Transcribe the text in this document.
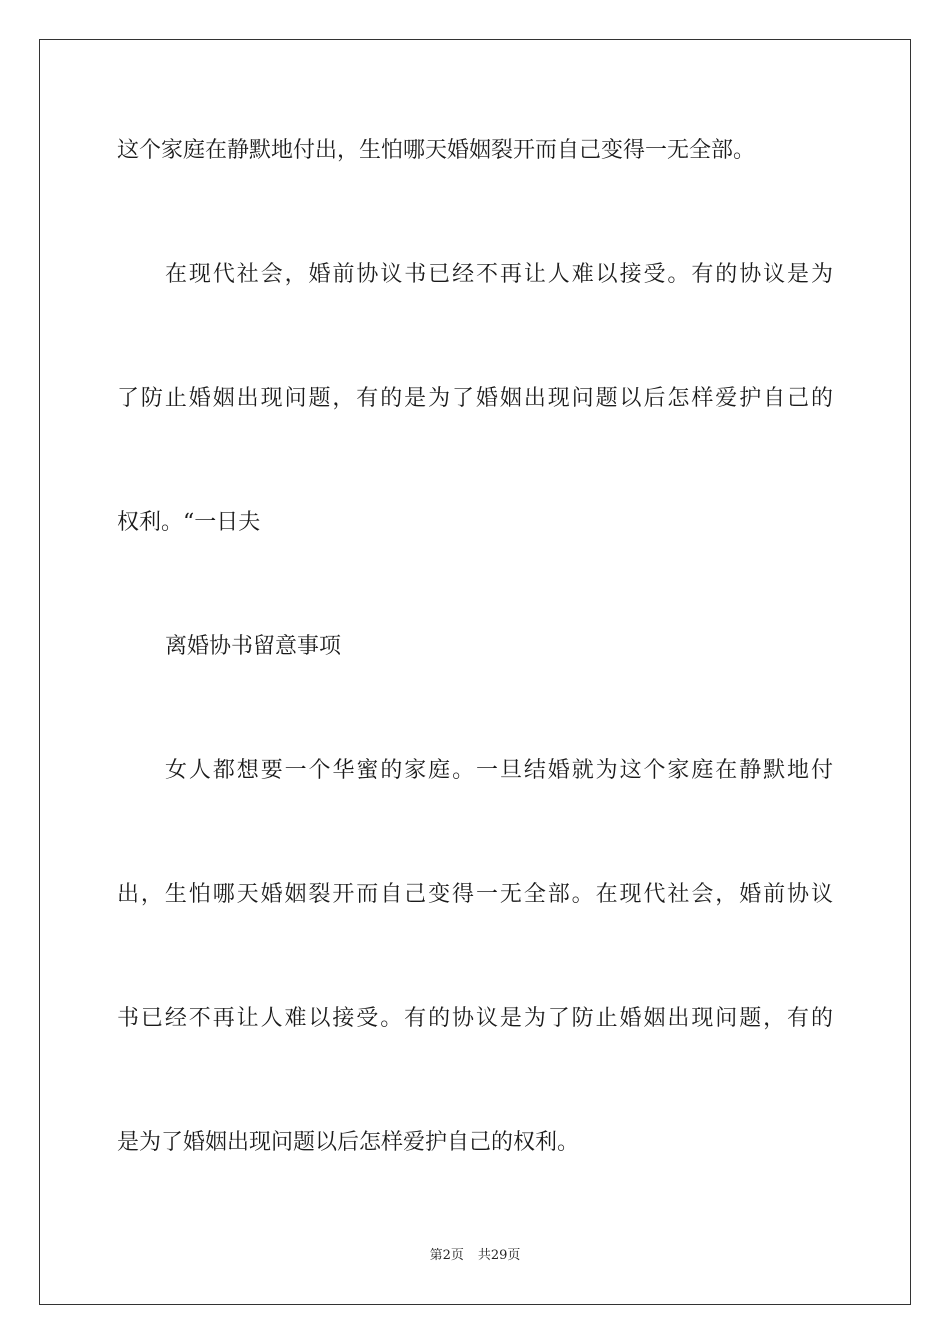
这个家庭在静默地付出，生怕哪天婚姻裂开而自己变得一无全部。
在现代社会，婚前协议书已经不再让人难以接受。有的协议是为
了防止婚姻出现问题，有的是为了婚姻出现问题以后怎样爱护自己的
权利。“一日夫
离婚协书留意事项
女人都想要一个华蜜的家庭。一旦结婚就为这个家庭在静默地付
出，生怕哪天婚姻裂开而自己变得一无全部。在现代社会，婚前协议
书已经不再让人难以接受。有的协议是为了防止婚姻出现问题，有的
是为了婚姻出现问题以后怎样爱护自己的权利。
第2页 共29页
